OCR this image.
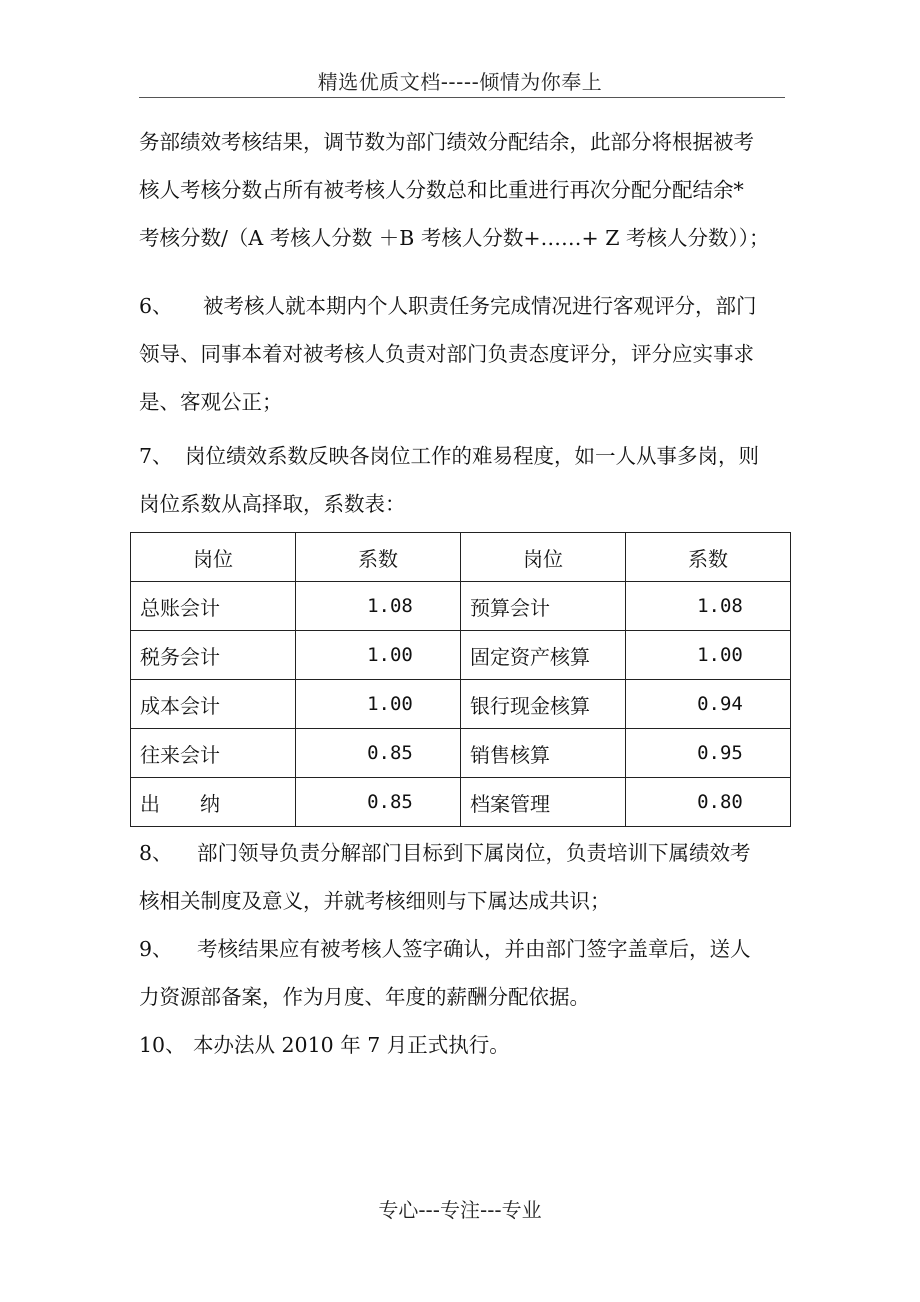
精选优质文档-----倾情为你奉上
务部绩效考核结果，调节数为部门绩效分配结余，此部分将根据被考
核人考核分数占所有被考核人分数总和比重进行再次分配分配结余*
考核分数/（A 考核人分数 ＋B 考核人分数+……+ Z 考核人分数））；
6、 被考核人就本期内个人职责任务完成情况进行客观评分，部门
领导、同事本着对被考核人负责对部门负责态度评分，评分应实事求
是、客观公正；
7、 岗位绩效系数反映各岗位工作的难易程度，如一人从事多岗，则
岗位系数从高择取，系数表：
岗位	系数	岗位	系数
总账会计	1.08	预算会计	1.08
税务会计	1.00	固定资产核算	1.00
成本会计	1.00	银行现金核算	0.94
往来会计	0.85	销售核算	0.95
出　　纳	0.85	档案管理	0.80
8、 部门领导负责分解部门目标到下属岗位，负责培训下属绩效考
核相关制度及意义，并就考核细则与下属达成共识；
9、 考核结果应有被考核人签字确认，并由部门签字盖章后，送人
力资源部备案，作为月度、年度的薪酬分配依据。
10、 本办法从 2010 年 7 月正式执行。
专心---专注---专业
